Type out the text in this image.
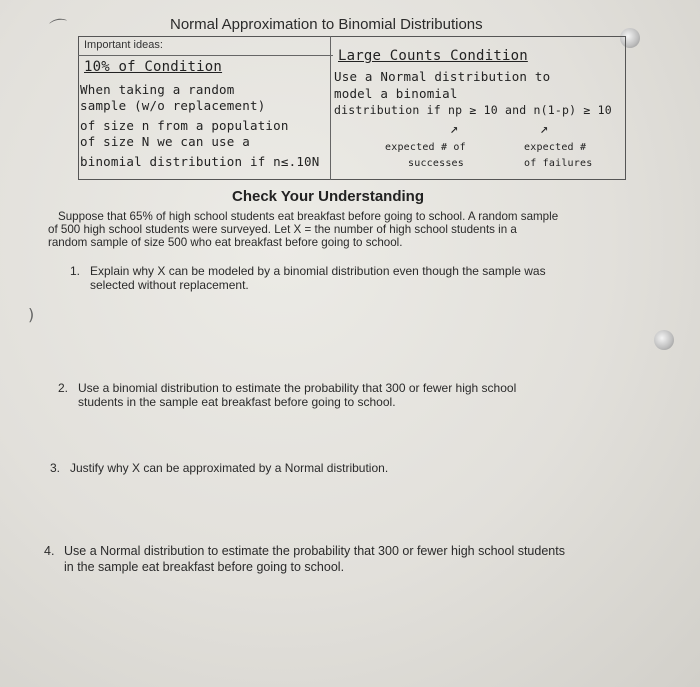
⌒
)
Normal Approximation to Binomial Distributions
Important ideas:
10% of Condition
When taking a random
sample (w/o replacement)
of size n from a population
of size N we can use a
binomial distribution if n≤.10N
Large Counts Condition
Use a Normal distribution to
model a binomial
distribution if np ≥ 10 and n(1-p) ≥ 10
↗	↗
expected # of
successes
expected #
of failures
Check Your Understanding
Suppose that 65% of high school students eat breakfast before going to school. A random sample
of 500 high school students were surveyed. Let X = the number of high school students in a
random sample of size 500 who eat breakfast before going to school.
1. Explain why X can be modeled by a binomial distribution even though the sample was
selected without replacement.
2. Use a binomial distribution to estimate the probability that 300 or fewer high school
students in the sample eat breakfast before going to school.
3. Justify why X can be approximated by a Normal distribution.
4. Use a Normal distribution to estimate the probability that 300 or fewer high school students
in the sample eat breakfast before going to school.
